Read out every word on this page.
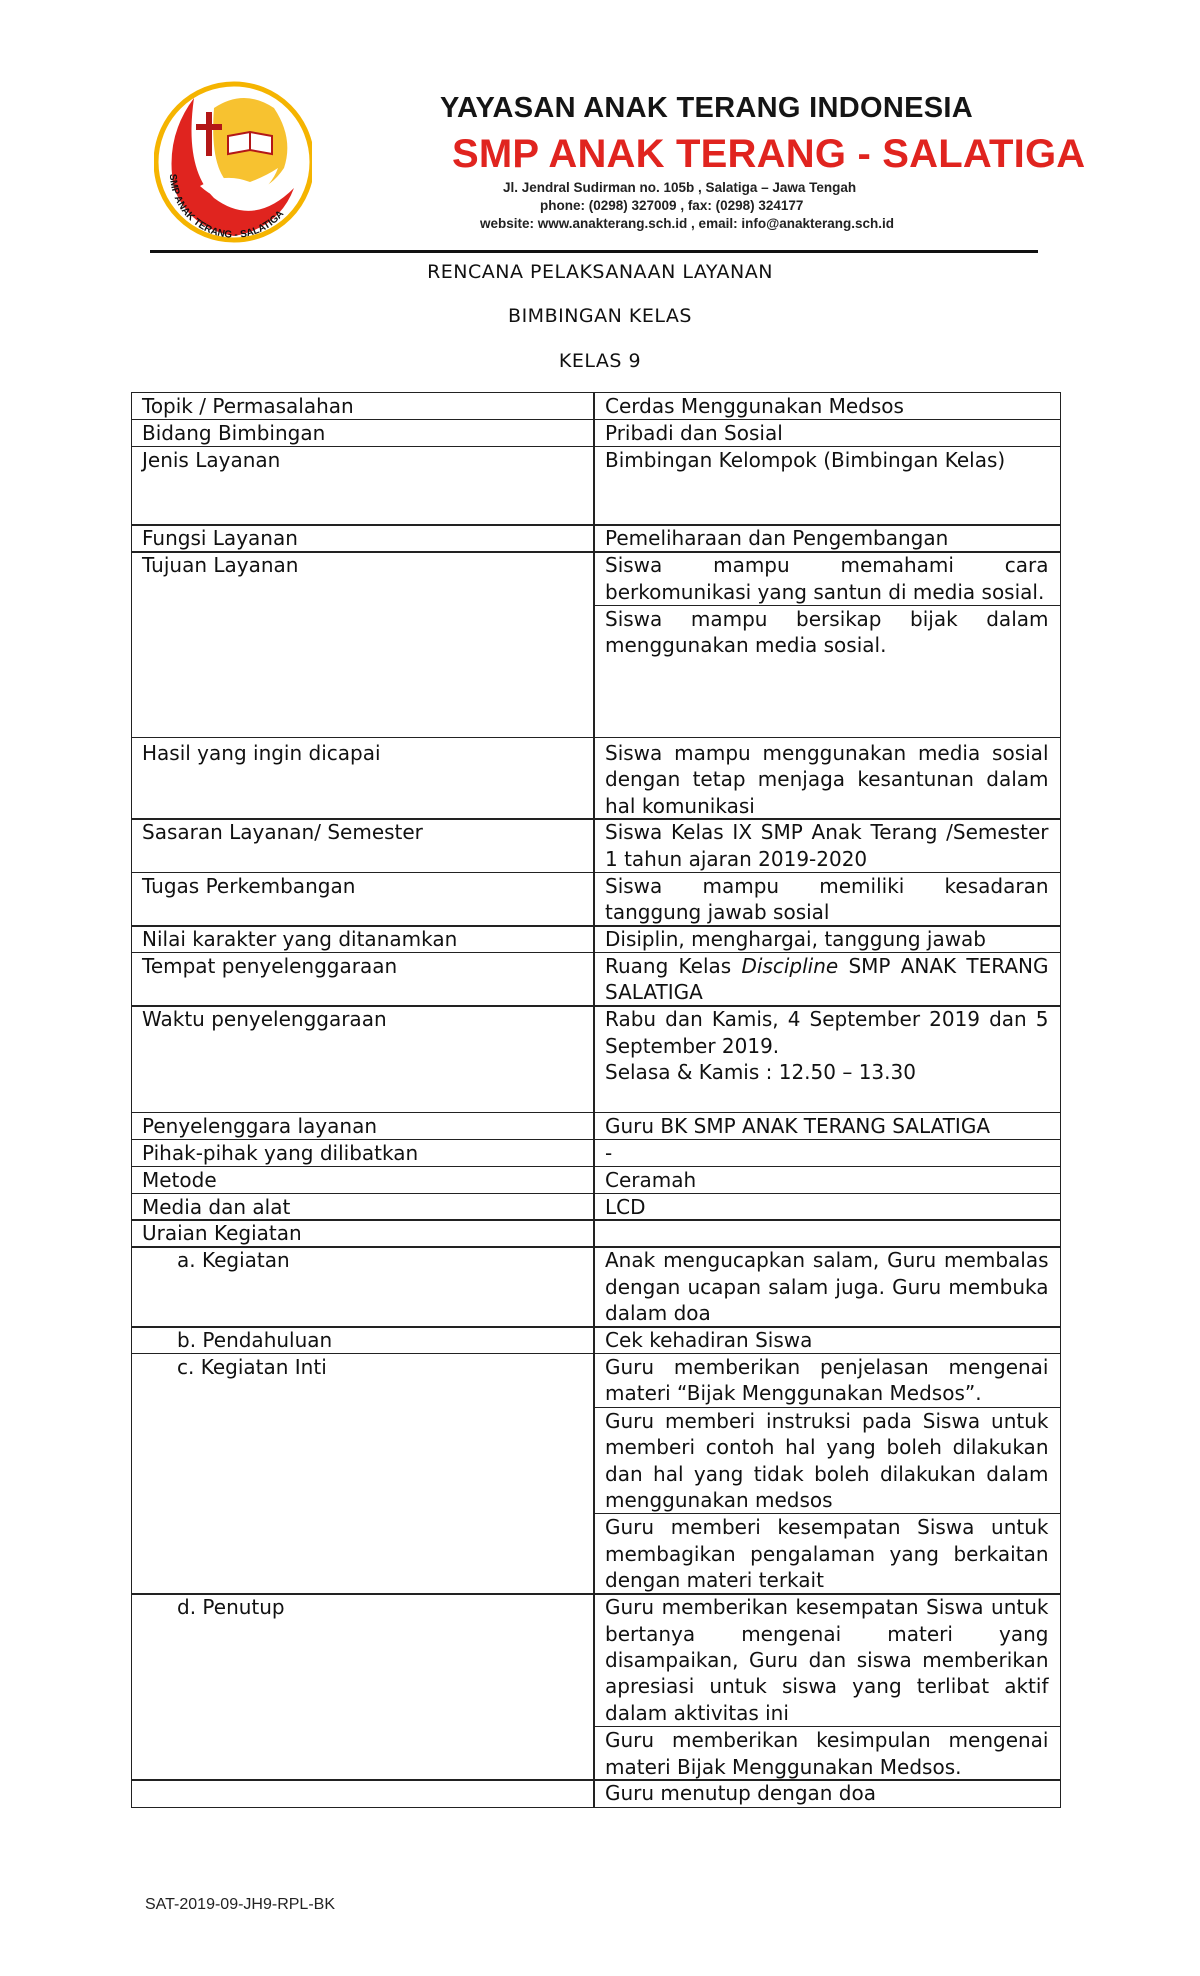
SMP ANAK TERANG - SALATIGA
YAYASAN ANAK TERANG INDONESIA
SMP ANAK TERANG - SALATIGA
Jl. Jendral Sudirman no. 105b , Salatiga – Jawa Tengah
phone: (0298) 327009 , fax: (0298) 324177
website: www.anakterang.sch.id , email: info@anakterang.sch.id
RENCANA PELAKSANAAN LAYANAN
BIMBINGAN KELAS
KELAS 9
Topik / Permasalahan	Cerdas Menggunakan Medsos
Bidang Bimbingan	Pribadi dan Sosial
Jenis Layanan	Bimbingan Kelompok (Bimbingan Kelas)
Fungsi Layanan	Pemeliharaan dan Pengembangan
Tujuan Layanan	Siswa mampu memahami cara berkomunikasi yang santun di media sosial.
Siswa mampu bersikap bijak dalam menggunakan media sosial.
Hasil yang ingin dicapai	Siswa mampu menggunakan media sosial dengan tetap menjaga kesantunan dalam hal komunikasi
Sasaran Layanan/ Semester	Siswa Kelas IX SMP Anak Terang /Semester 1 tahun ajaran 2019-2020
Tugas Perkembangan	Siswa mampu memiliki kesadaran tanggung jawab sosial
Nilai karakter yang ditanamkan	Disiplin, menghargai, tanggung jawab
Tempat penyelenggaraan	Ruang Kelas Discipline SMP ANAK TERANG SALATIGA
Waktu penyelenggaraan	Rabu dan Kamis, 4 September 2019 dan 5 September 2019.
Selasa & Kamis : 12.50 – 13.30
Penyelenggara layanan	Guru BK SMP ANAK TERANG SALATIGA
Pihak-pihak yang dilibatkan	-
Metode	Ceramah
Media dan alat	LCD
Uraian Kegiatan
a. Kegiatan	Anak mengucapkan salam, Guru membalas dengan ucapan salam juga. Guru membuka dalam doa
b. Pendahuluan	Cek kehadiran Siswa
c. Kegiatan Inti	Guru memberikan penjelasan mengenai materi “Bijak Menggunakan Medsos”.
Guru memberi instruksi pada Siswa untuk memberi contoh hal yang boleh dilakukan dan hal yang tidak boleh dilakukan dalam menggunakan medsos
Guru memberi kesempatan Siswa untuk membagikan pengalaman yang berkaitan dengan materi terkait
d. Penutup	Guru memberikan kesempatan Siswa untuk bertanya mengenai materi yang disampaikan, Guru dan siswa memberikan apresiasi untuk siswa yang terlibat aktif dalam aktivitas ini
Guru memberikan kesimpulan mengenai materi Bijak Menggunakan Medsos.
Guru menutup dengan doa
SAT-2019-09-JH9-RPL-BK
